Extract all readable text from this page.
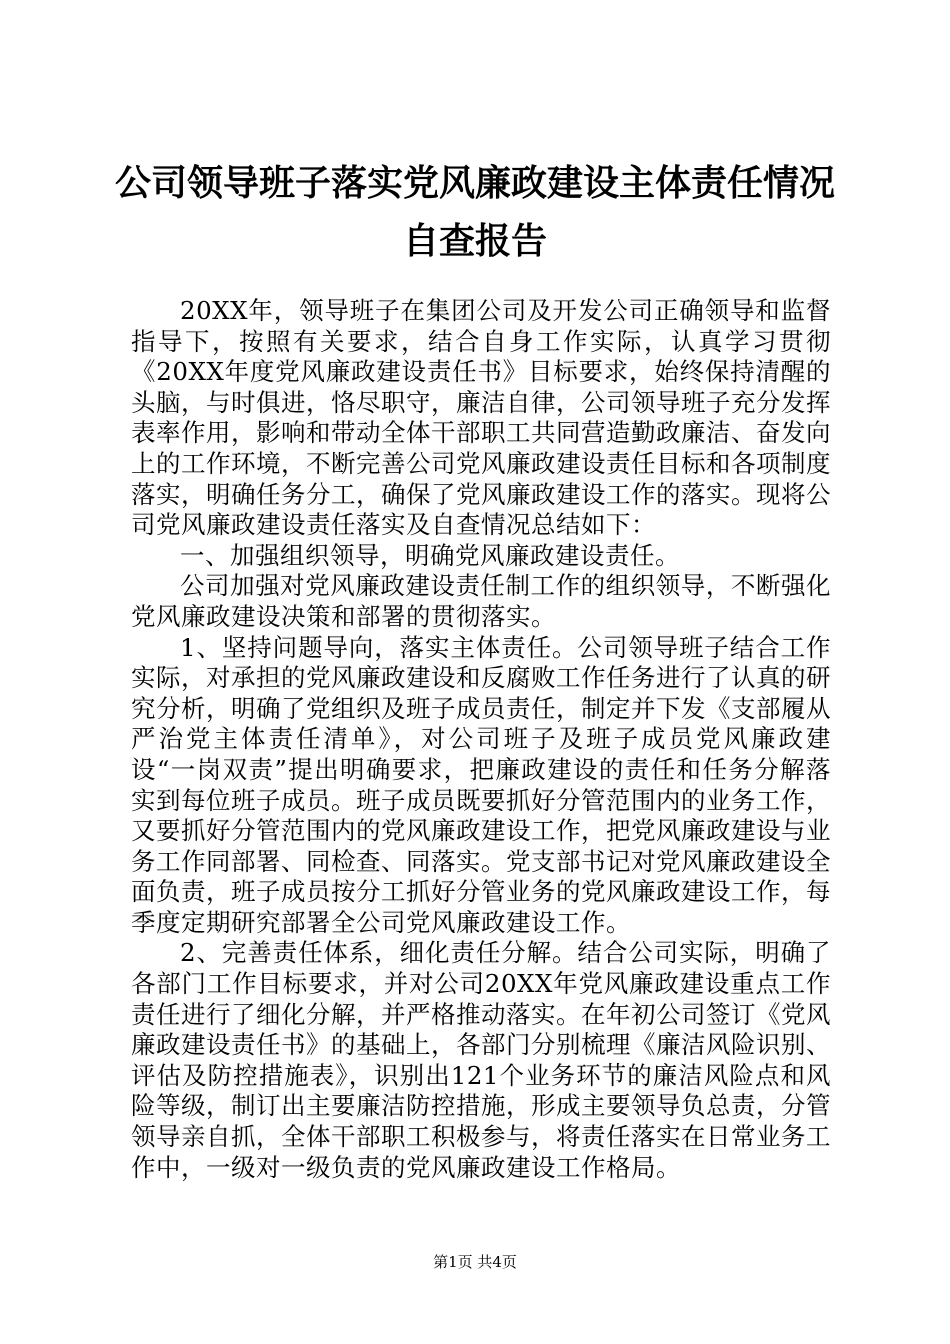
公司领导班子落实党风廉政建设主体责任情况
自查报告

20XX年，领导班子在集团公司及开发公司正确领导和监督指导下，按照有关要求，结合自身工作实际，认真学习贯彻《20XX年度党风廉政建设责任书》目标要求，始终保持清醒的头脑，与时俱进，恪尽职守，廉洁自律，公司领导班子充分发挥表率作用，影响和带动全体干部职工共同营造勤政廉洁、奋发向上的工作环境，不断完善公司党风廉政建设责任目标和各项制度落实，明确任务分工，确保了党风廉政建设工作的落实。现将公司党风廉政建设责任落实及自查情况总结如下：

一、加强组织领导，明确党风廉政建设责任。

公司加强对党风廉政建设责任制工作的组织领导，不断强化党风廉政建设决策和部署的贯彻落实。

1、坚持问题导向，落实主体责任。公司领导班子结合工作实际，对承担的党风廉政建设和反腐败工作任务进行了认真的研究分析，明确了党组织及班子成员责任，制定并下发《支部履从严治党主体责任清单》，对公司班子及班子成员党风廉政建设“一岗双责”提出明确要求，把廉政建设的责任和任务分解落实到每位班子成员。班子成员既要抓好分管范围内的业务工作，又要抓好分管范围内的党风廉政建设工作，把党风廉政建设与业务工作同部署、同检查、同落实。党支部书记对党风廉政建设全面负责，班子成员按分工抓好分管业务的党风廉政建设工作，每季度定期研究部署全公司党风廉政建设工作。

2、完善责任体系，细化责任分解。结合公司实际，明确了各部门工作目标要求，并对公司20XX年党风廉政建设重点工作责任进行了细化分解，并严格推动落实。在年初公司签订《党风廉政建设责任书》的基础上，各部门分别梳理《廉洁风险识别、评估及防控措施表》，识别出121个业务环节的廉洁风险点和风险等级，制订出主要廉洁防控措施，形成主要领导负总责，分管领导亲自抓，全体干部职工积极参与，将责任落实在日常业务工作中，一级对一级负责的党风廉政建设工作格局。

第1页 共4页
